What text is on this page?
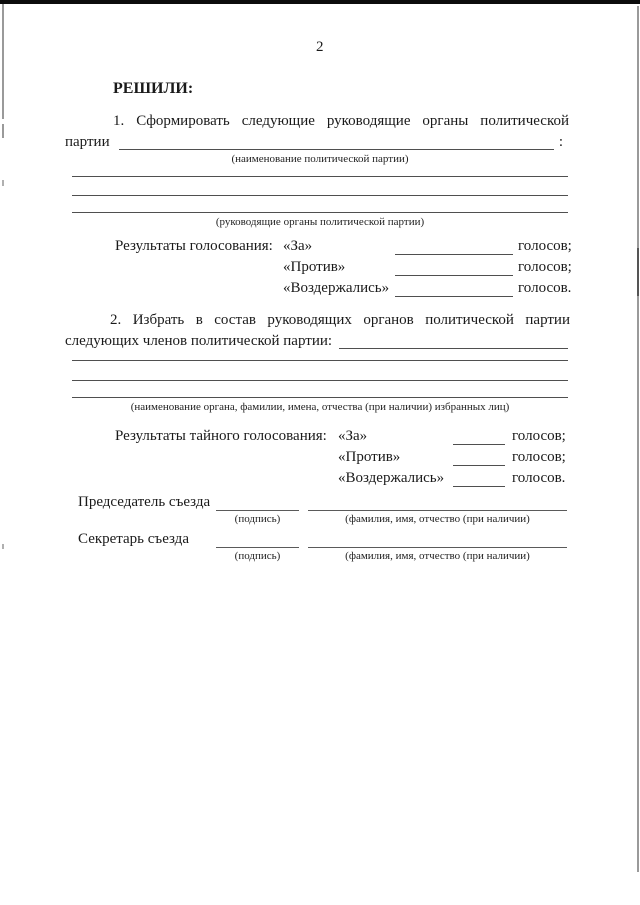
2
РЕШИЛИ:
1. Сформировать следующие руководящие органы политической
партии	:
(наименование политической партии)
(руководящие органы политической партии)
Результаты голосования: «За»	голосов;
«Против»	голосов;
«Воздержались»	голосов.
2. Избрать в состав руководящих органов политической партии
следующих членов политической партии:
(наименование органа, фамилии, имена, отчества (при наличии) избранных лиц)
Результаты тайного голосования: «За»	голосов;
«Против»	голосов;
«Воздержались»	голосов.
Председатель съезда
(подпись)	(фамилия, имя, отчество (при наличии)
Секретарь съезда
(подпись)	(фамилия, имя, отчество (при наличии)
